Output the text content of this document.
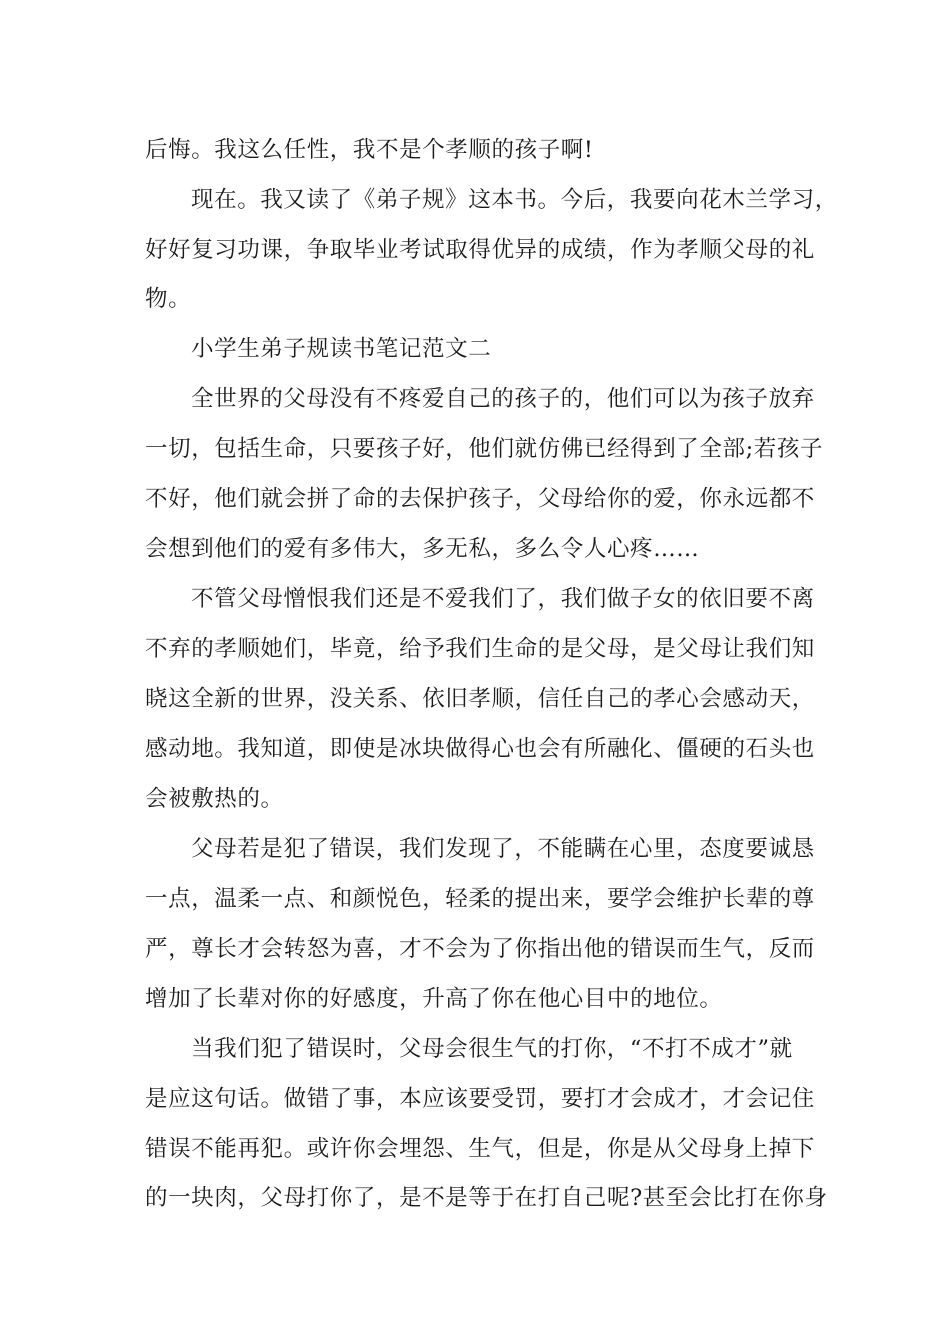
后悔。我这么任性，我不是个孝顺的孩子啊!
现在。我又读了《弟子规》这本书。今后，我要向花木兰学习，
好好复习功课，争取毕业考试取得优异的成绩，作为孝顺父母的礼
物。
小学生弟子规读书笔记范文二
全世界的父母没有不疼爱自己的孩子的，他们可以为孩子放弃
一切，包括生命，只要孩子好，他们就仿佛已经得到了全部;若孩子
不好，他们就会拼了命的去保护孩子，父母给你的爱，你永远都不
会想到他们的爱有多伟大，多无私，多么令人心疼……
不管父母憎恨我们还是不爱我们了，我们做子女的依旧要不离
不弃的孝顺她们，毕竟，给予我们生命的是父母，是父母让我们知
晓这全新的世界，没关系、依旧孝顺，信任自己的孝心会感动天，
感动地。我知道，即使是冰块做得心也会有所融化、僵硬的石头也
会被敷热的。
父母若是犯了错误，我们发现了，不能瞒在心里，态度要诚恳
一点，温柔一点、和颜悦色，轻柔的提出来，要学会维护长辈的尊
严，尊长才会转怒为喜，才不会为了你指出他的错误而生气，反而
增加了长辈对你的好感度，升高了你在他心目中的地位。
当我们犯了错误时，父母会很生气的打你，“不打不成才”就
是应这句话。做错了事，本应该要受罚，要打才会成才，才会记住
错误不能再犯。或许你会埋怨、生气，但是，你是从父母身上掉下
的一块肉，父母打你了，是不是等于在打自己呢?甚至会比打在你身
